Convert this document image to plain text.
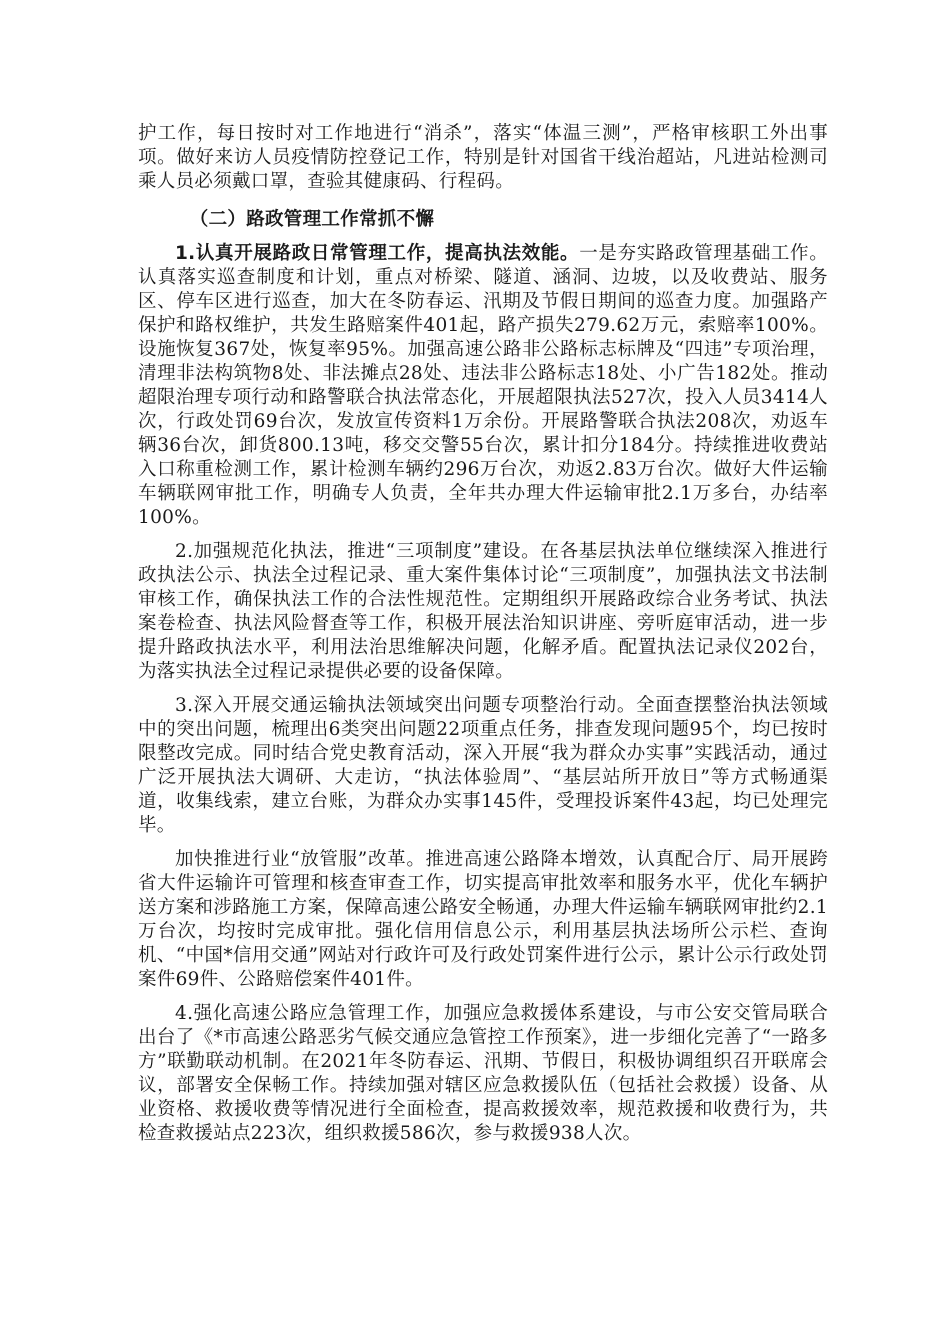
护工作，每日按时对工作地进行“消杀”，落实“体温三测”，严格审核职工外出事项。做好来访人员疫情防控登记工作，特别是针对国省干线治超站，凡进站检测司乘人员必须戴口罩，查验其健康码、行程码。

（二）路政管理工作常抓不懈

1.认真开展路政日常管理工作，提高执法效能。一是夯实路政管理基础工作。认真落实巡查制度和计划，重点对桥梁、隧道、涵洞、边坡，以及收费站、服务区、停车区进行巡查，加大在冬防春运、汛期及节假日期间的巡查力度。加强路产保护和路权维护，共发生路赔案件401起，路产损失279.62万元，索赔率100%。设施恢复367处，恢复率95%。加强高速公路非公路标志标牌及“四违”专项治理，清理非法构筑物8处、非法摊点28处、违法非公路标志18处、小广告182处。推动超限治理专项行动和路警联合执法常态化，开展超限执法527次，投入人员3414人次，行政处罚69台次，发放宣传资料1万余份。开展路警联合执法208次，劝返车辆36台次，卸货800.13吨，移交交警55台次，累计扣分184分。持续推进收费站入口称重检测工作，累计检测车辆约296万台次，劝返2.83万台次。做好大件运输车辆联网审批工作，明确专人负责，全年共办理大件运输审批2.1万多台，办结率100%。

2.加强规范化执法，推进“三项制度”建设。在各基层执法单位继续深入推进行政执法公示、执法全过程记录、重大案件集体讨论“三项制度”，加强执法文书法制审核工作，确保执法工作的合法性规范性。定期组织开展路政综合业务考试、执法案卷检查、执法风险督查等工作，积极开展法治知识讲座、旁听庭审活动，进一步提升路政执法水平，利用法治思维解决问题，化解矛盾。配置执法记录仪202台，为落实执法全过程记录提供必要的设备保障。

3.深入开展交通运输执法领域突出问题专项整治行动。全面查摆整治执法领域中的突出问题，梳理出6类突出问题22项重点任务，排查发现问题95个，均已按时限整改完成。同时结合党史教育活动，深入开展“我为群众办实事”实践活动，通过广泛开展执法大调研、大走访，“执法体验周”、“基层站所开放日”等方式畅通渠道，收集线索，建立台账，为群众办实事145件，受理投诉案件43起，均已处理完毕。

加快推进行业“放管服”改革。推进高速公路降本增效，认真配合厅、局开展跨省大件运输许可管理和核查审查工作，切实提高审批效率和服务水平，优化车辆护送方案和涉路施工方案，保障高速公路安全畅通，办理大件运输车辆联网审批约2.1万台次，均按时完成审批。强化信用信息公示，利用基层执法场所公示栏、查询机、“中国*信用交通”网站对行政许可及行政处罚案件进行公示，累计公示行政处罚案件69件、公路赔偿案件401件。

4.强化高速公路应急管理工作，加强应急救援体系建设，与市公安交管局联合出台了《*市高速公路恶劣气候交通应急管控工作预案》，进一步细化完善了“一路多方”联勤联动机制。在2021年冬防春运、汛期、节假日，积极协调组织召开联席会议，部署安全保畅工作。持续加强对辖区应急救援队伍（包括社会救援）设备、从业资格、救援收费等情况进行全面检查，提高救援效率，规范救援和收费行为，共检查救援站点223次，组织救援586次，参与救援938人次。
